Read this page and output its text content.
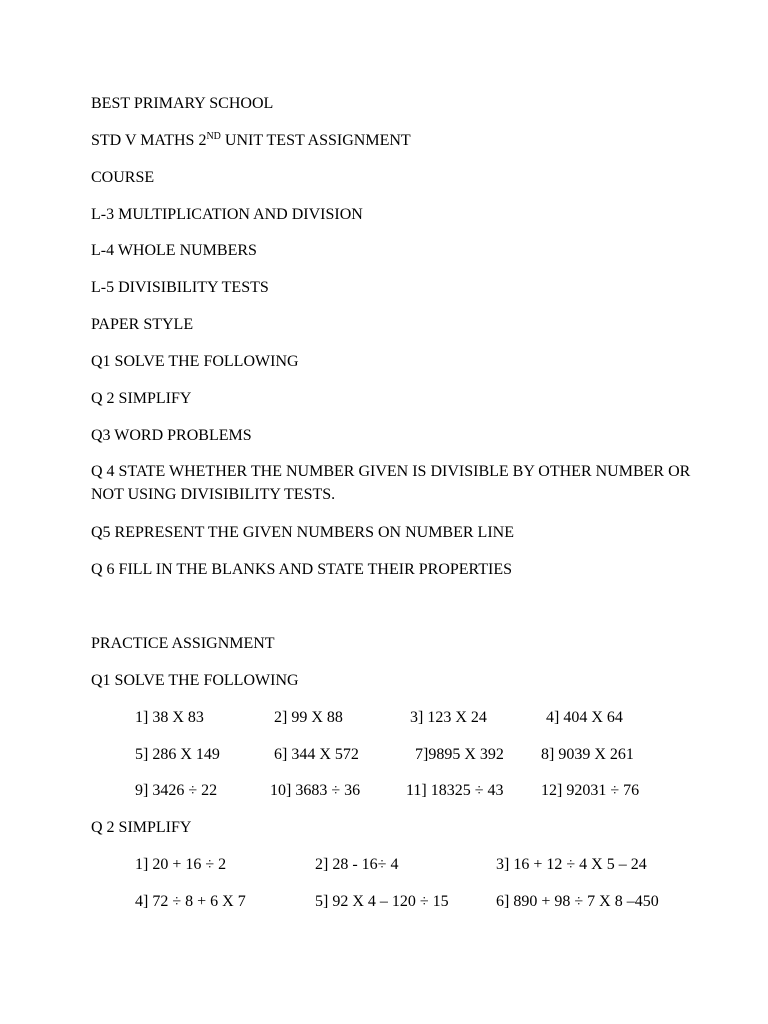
BEST PRIMARY SCHOOL
STD V MATHS 2ND UNIT TEST ASSIGNMENT
COURSE
L-3 MULTIPLICATION AND DIVISION
L-4 WHOLE NUMBERS
L-5 DIVISIBILITY TESTS
PAPER STYLE
Q1 SOLVE THE FOLLOWING
Q 2 SIMPLIFY
Q3 WORD PROBLEMS
Q 4 STATE WHETHER THE NUMBER GIVEN IS DIVISIBLE BY OTHER NUMBER OR NOT USING DIVISIBILITY TESTS.
Q5 REPRESENT THE GIVEN NUMBERS ON NUMBER LINE
Q 6 FILL IN THE BLANKS AND STATE THEIR PROPERTIES
PRACTICE ASSIGNMENT
Q1 SOLVE THE FOLLOWING
1] 38 X 83	2] 99 X 88	3] 123 X 24	4] 404 X 64
5] 286 X 149	6] 344 X 572	7]9895 X 392 8] 9039 X 261
9] 3426 ÷ 22	10] 3683 ÷ 36	11] 18325 ÷ 43 12] 92031 ÷ 76
Q 2 SIMPLIFY
1] 20 + 16 ÷ 2	2] 28 - 16÷ 4	3] 16 + 12 ÷ 4 X 5 – 24
4] 72 ÷ 8 + 6 X 7	5] 92 X 4 – 120 ÷ 15	6] 890 + 98 ÷ 7 X 8 –450
